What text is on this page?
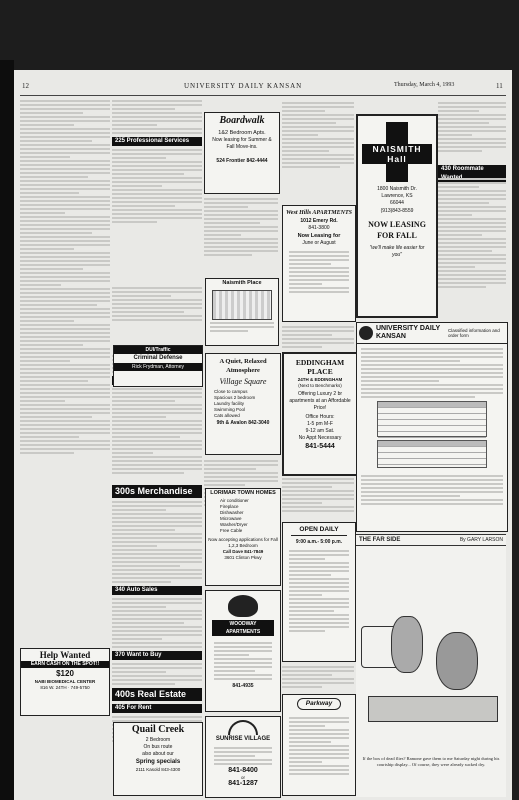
12	UNIVERSITY DAILY KANSAN	Thursday, March 4, 1993	11
Help Wanted
EARN CASH ON THE SPOT!!
$120
NABI BIOMEDICAL CENTER
816 W. 24TH · 749-5750
225 Professional Services
300s Merchandise
340 Auto Sales
370 Want to Buy
400s Real Estate
405 For Rent
DUI/Traffic
Criminal Defense
Rick Frydman, Attorney
Quail Creek
2 Bedroom
On bus route
also about our
Spring specials
2111 Kasold 843-4300
Boardwalk
1&2 Bedroom Apts.
Now leasing for Summer & Fall Move-ins.
524 Frontier 842-4444
Naismith Place
A Quiet, Relaxed Atmosphere
Village Square
Close to campus
Spacious 2 bedroom
Laundry facility
Swimming Pool
Cats allowed
9th & Avalon 842-3040
LORIMAR TOWN HOMES
Air conditioner
Fireplace
Dishwasher
Microwave
Washer/Dryer
Free Cable
Now accepting applications for Fall
1,2,3 Bedroom
Call Dave 841-7849
3601 Clinton Pkwy
WOODWAY APARTMENTS
841-4935
SUNRISE VILLAGE
841-8400
or
841-1287
West Hills APARTMENTS
1012 Emery Rd.
841-3800
Now Leasing for
June or August
EDDINGHAM PLACE
24TH & EDDINGHAM
(Next to Benchmarks)
Offering Luxury 2 br apartments at an Affordable Price!
Office Hours:
1-5 pm M-F
9-12 am Sat.
No Appt Necessary
841-5444
OPEN DAILY
9:00 a.m.- 5:00 p.m.
Parkway
NAISMITH Hall
1800 Naismith Dr.
Lawrence, KS
66044
(913)843-8559
NOW LEASING FOR FALL
"we'll make life easier for you"
UNIVERSITY DAILY KANSAN
Classified information and order form
430 Roommate
THE FAR SIDE	By GARY LARSON
If the box of dead flies? Ramone gave them to me Saturday night during his courtship display... Of course, they were already sucked dry.
